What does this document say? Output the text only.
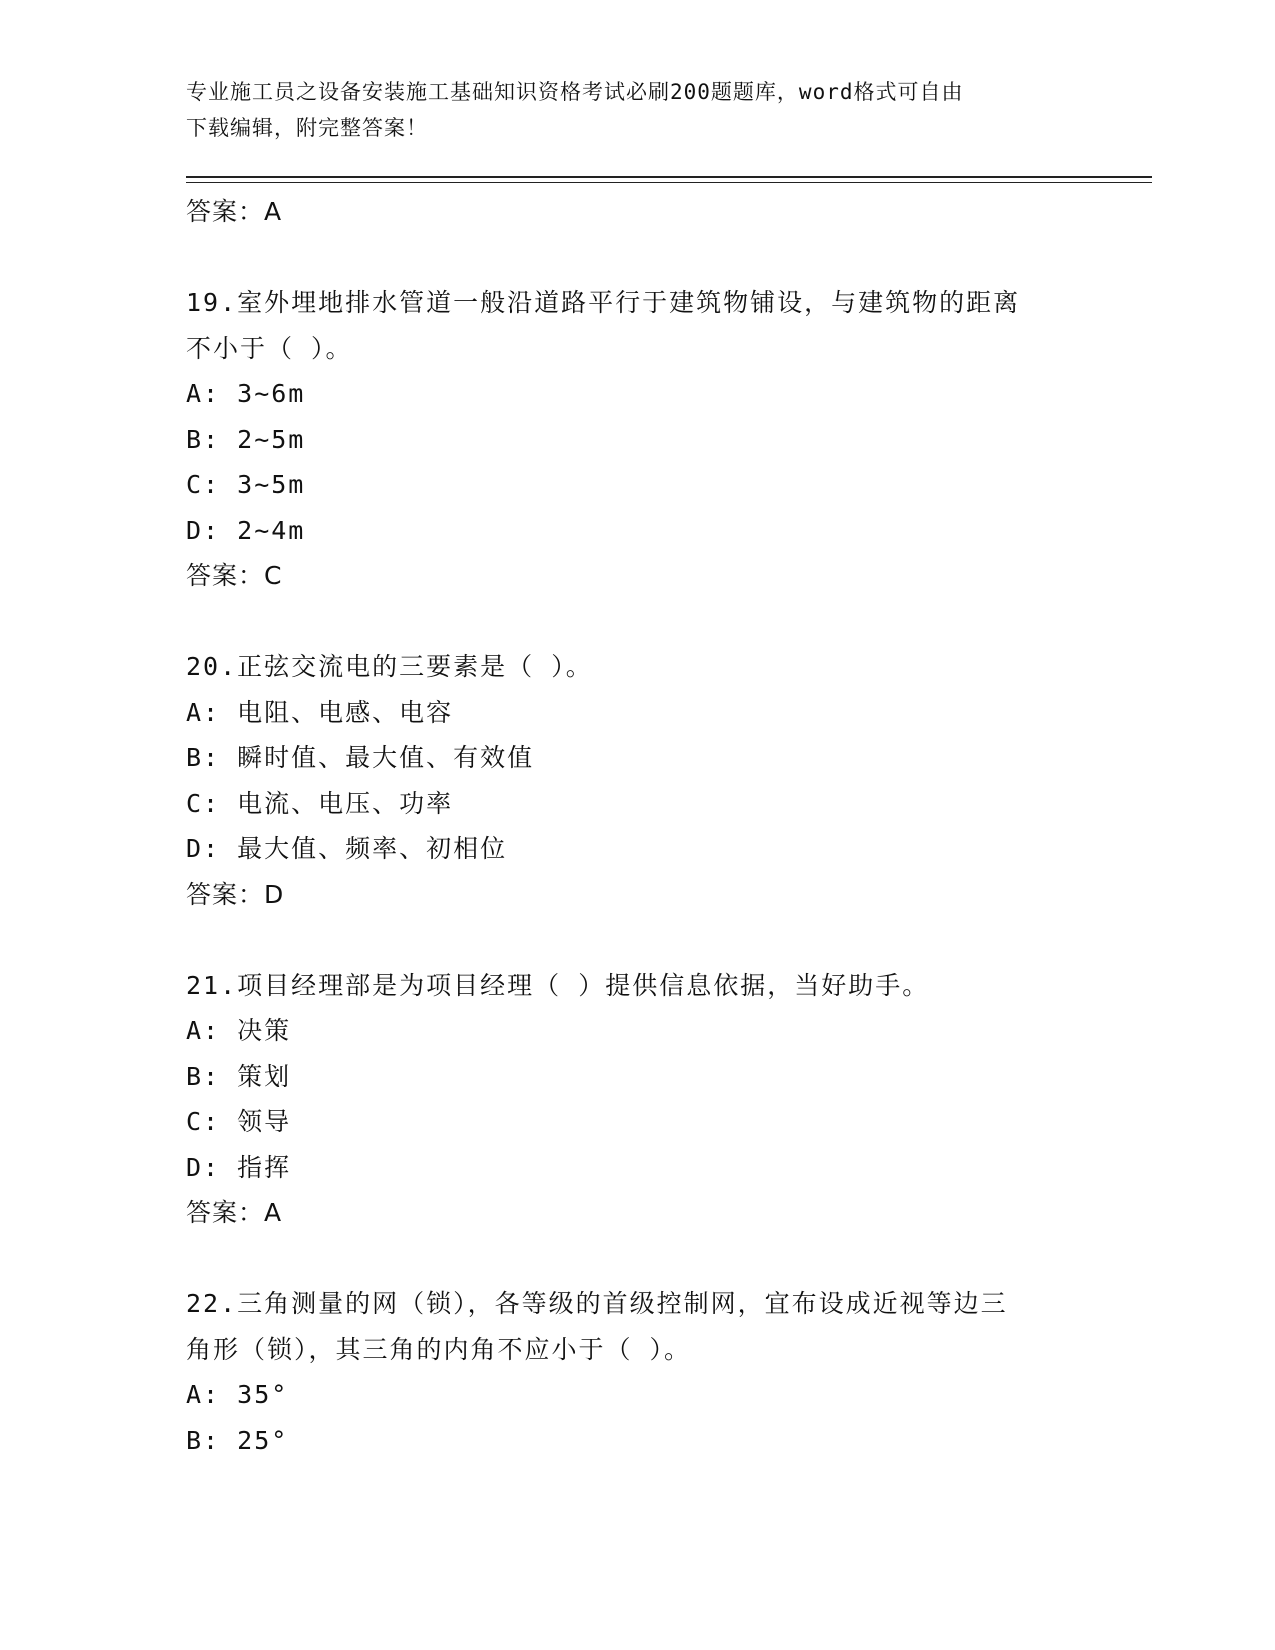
专业施工员之设备安装施工基础知识资格考试必刷200题题库，word格式可自由
下载编辑，附完整答案！
答案：A
19.室外埋地排水管道一般沿道路平行于建筑物铺设，与建筑物的距离
不小于（ ）。
A: 3~6m
B: 2~5m
C: 3~5m
D: 2~4m
答案：C
20.正弦交流电的三要素是（ ）。
A: 电阻、电感、电容
B: 瞬时值、最大值、有效值
C: 电流、电压、功率
D: 最大值、频率、初相位
答案：D
21.项目经理部是为项目经理（ ）提供信息依据，当好助手。
A: 决策
B: 策划
C: 领导
D: 指挥
答案：A
22.三角测量的网（锁），各等级的首级控制网，宜布设成近视等边三
角形（锁），其三角的内角不应小于（ ）。
A: 35°
B: 25°
